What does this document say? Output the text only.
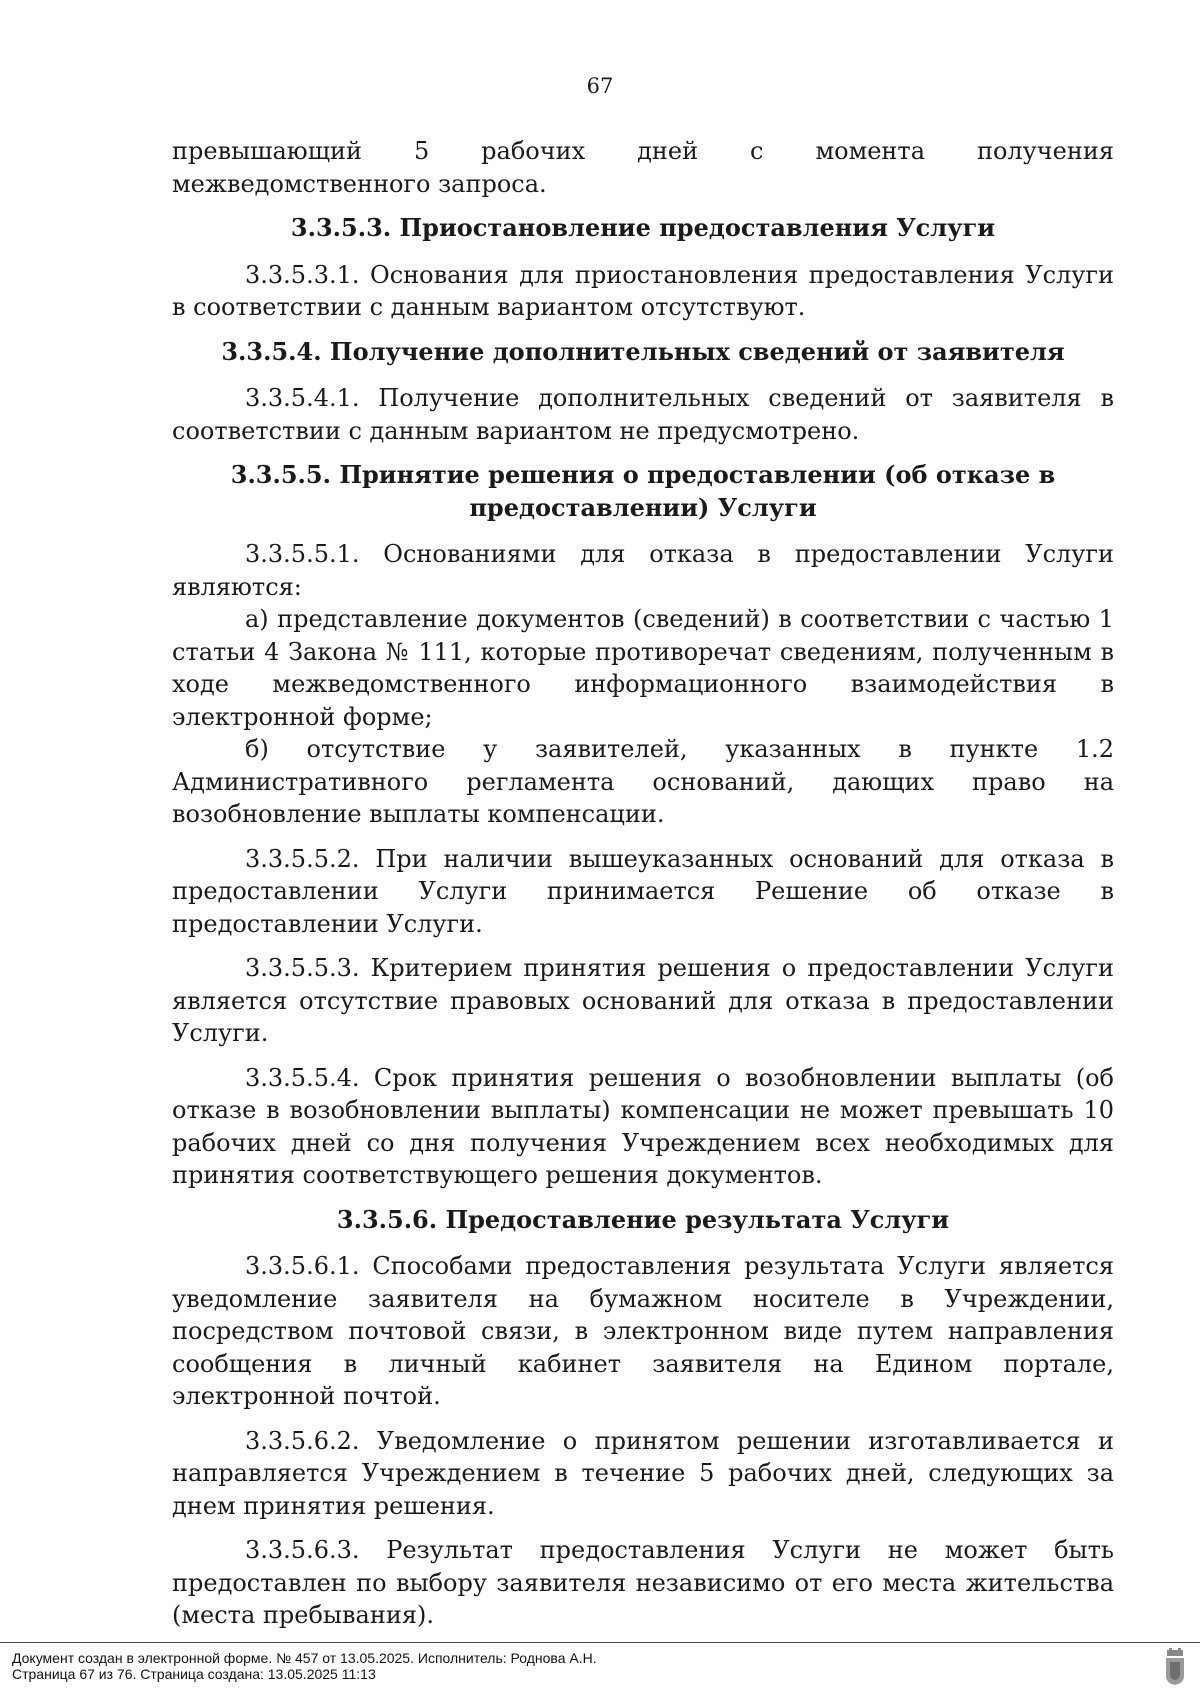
67

превышающий 5 рабочих дней с момента получения межведомственного запроса.

3.3.5.3. Приостановление предоставления Услуги

3.3.5.3.1. Основания для приостановления предоставления Услуги в соответствии с данным вариантом отсутствуют.

3.3.5.4. Получение дополнительных сведений от заявителя

3.3.5.4.1. Получение дополнительных сведений от заявителя в соответствии с данным вариантом не предусмотрено.

3.3.5.5. Принятие решения о предоставлении (об отказе в
предоставлении) Услуги

3.3.5.5.1. Основаниями для отказа в предоставлении Услуги являются:

а) представление документов (сведений) в соответствии с частью 1 статьи 4 Закона № 111, которые противоречат сведениям, полученным в ходе межведомственного информационного взаимодействия в электронной форме;

б) отсутствие у заявителей, указанных в пункте 1.2 Административного регламента оснований, дающих право на возобновление выплаты компенсации.

3.3.5.5.2. При наличии вышеуказанных оснований для отказа в предоставлении Услуги принимается Решение об отказе в предоставлении Услуги.

3.3.5.5.3. Критерием принятия решения о предоставлении Услуги является отсутствие правовых оснований для отказа в предоставлении Услуги.

3.3.5.5.4. Срок принятия решения о возобновлении выплаты (об отказе в возобновлении выплаты) компенсации не может превышать 10 рабочих дней со дня получения Учреждением всех необходимых для принятия соответствующего решения документов.

3.3.5.6. Предоставление результата Услуги

3.3.5.6.1. Способами предоставления результата Услуги является уведомление заявителя на бумажном носителе в Учреждении, посредством почтовой связи, в электронном виде путем направления сообщения в личный кабинет заявителя на Едином портале, электронной почтой.

3.3.5.6.2. Уведомление о принятом решении изготавливается и направляется Учреждением в течение 5 рабочих дней, следующих за днем принятия решения.

3.3.5.6.3. Результат предоставления Услуги не может быть предоставлен по выбору заявителя независимо от его места жительства (места пребывания).

Документ создан в электронной форме. № 457 от 13.05.2025. Исполнитель: Роднова А.Н.
Страница 67 из 76. Страница создана: 13.05.2025 11:13
